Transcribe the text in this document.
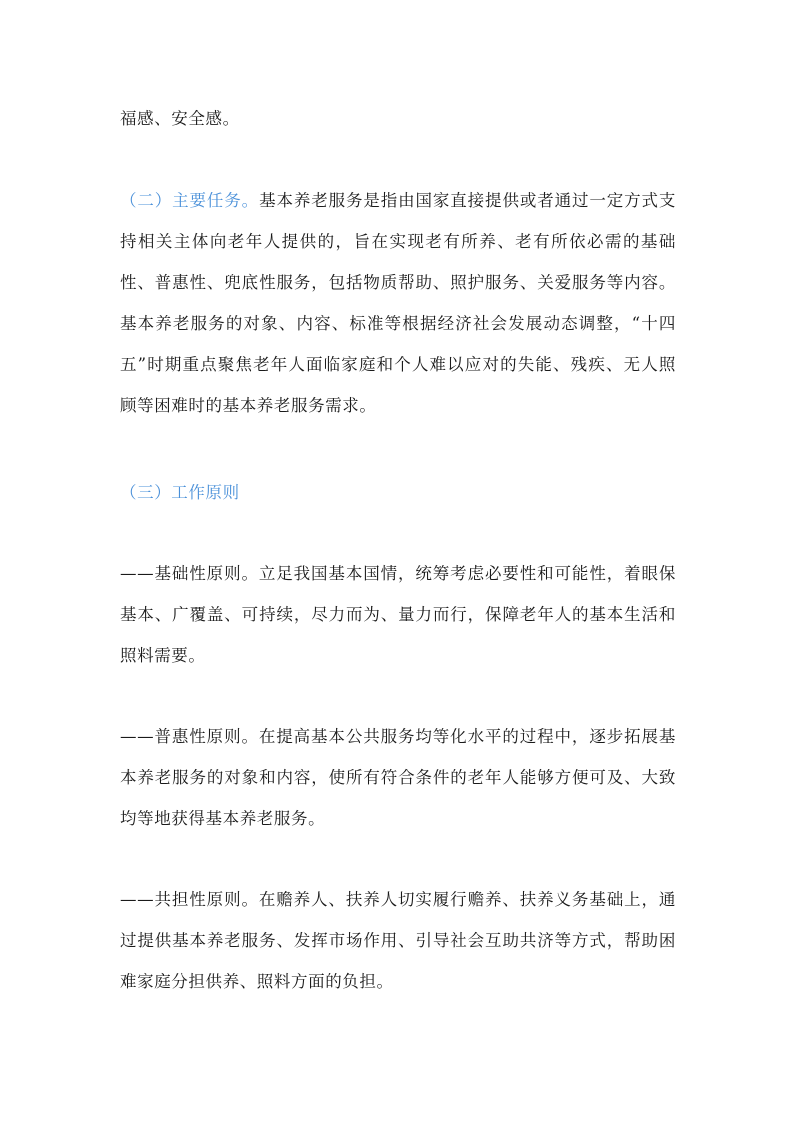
福感、安全感。

（二）主要任务。基本养老服务是指由国家直接提供或者通过一定方式支持相关主体向老年人提供的，旨在实现老有所养、老有所依必需的基础性、普惠性、兜底性服务，包括物质帮助、照护服务、关爱服务等内容。基本养老服务的对象、内容、标准等根据经济社会发展动态调整，“十四五”时期重点聚焦老年人面临家庭和个人难以应对的失能、残疾、无人照顾等困难时的基本养老服务需求。

（三）工作原则

——基础性原则。立足我国基本国情，统筹考虑必要性和可能性，着眼保基本、广覆盖、可持续，尽力而为、量力而行，保障老年人的基本生活和照料需要。

——普惠性原则。在提高基本公共服务均等化水平的过程中，逐步拓展基本养老服务的对象和内容，使所有符合条件的老年人能够方便可及、大致均等地获得基本养老服务。

——共担性原则。在赡养人、扶养人切实履行赡养、扶养义务基础上，通过提供基本养老服务、发挥市场作用、引导社会互助共济等方式，帮助困难家庭分担供养、照料方面的负担。
